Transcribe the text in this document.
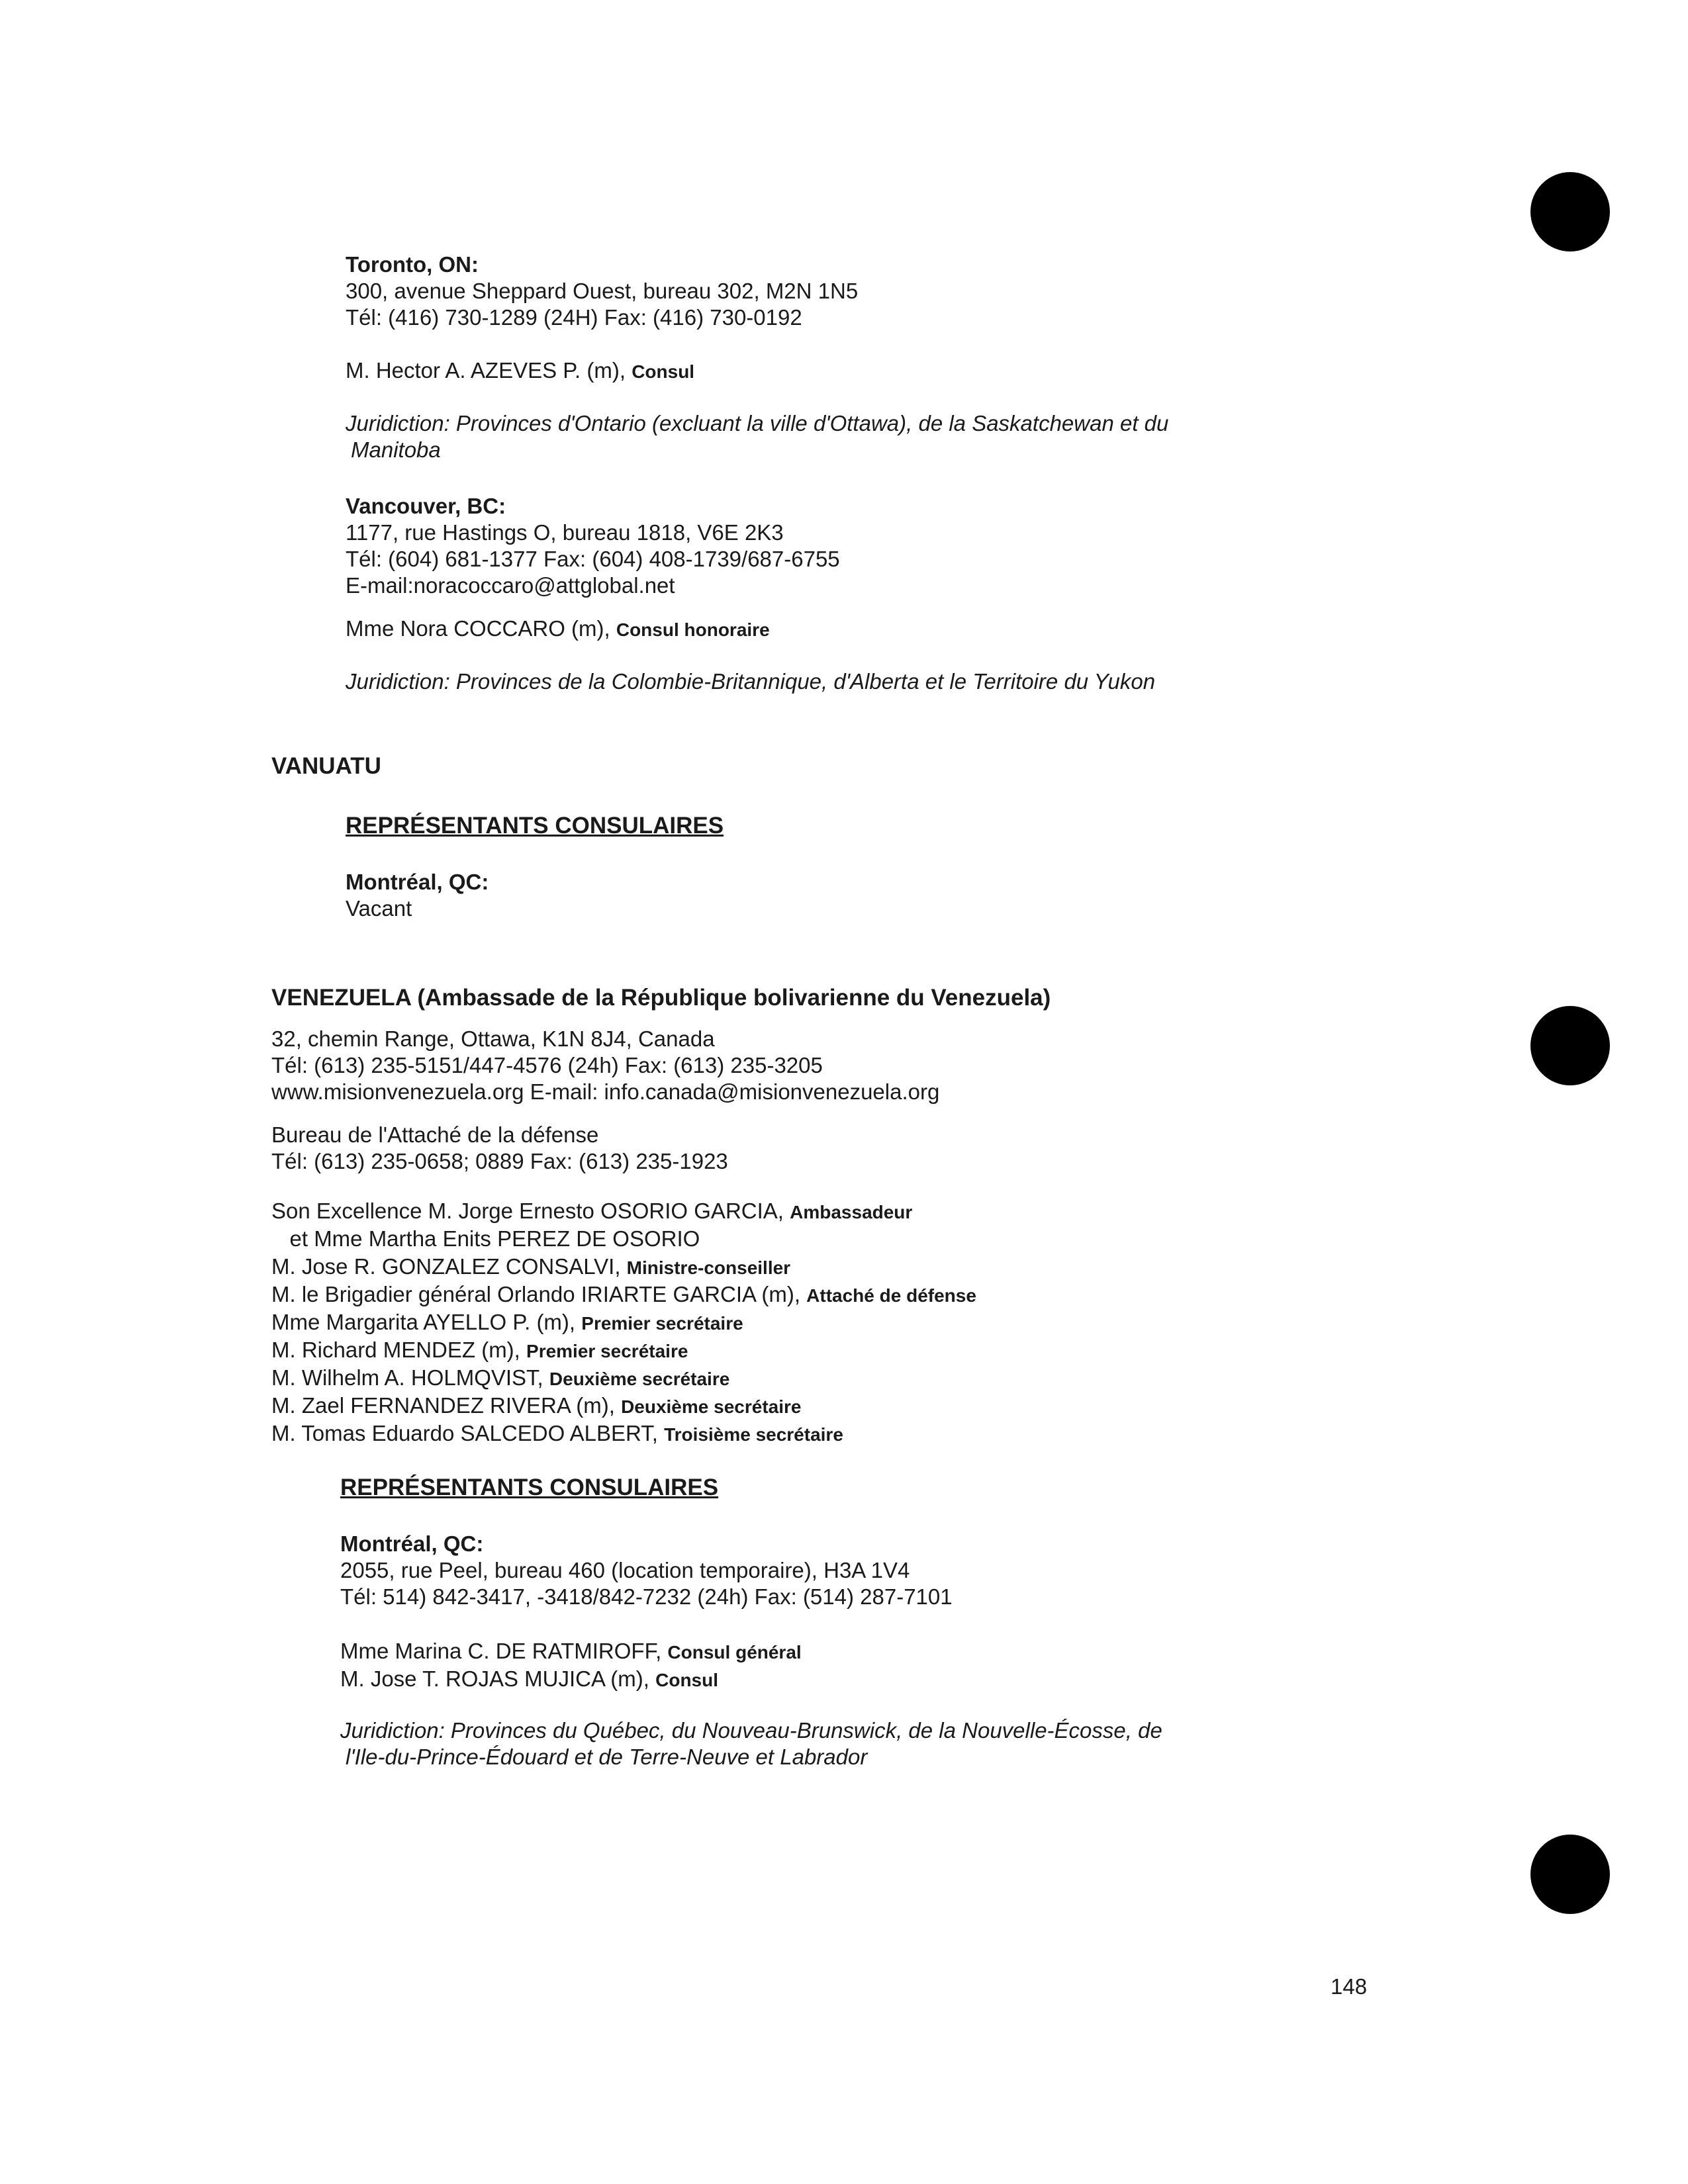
Toronto, ON:
300, avenue Sheppard Ouest, bureau 302, M2N 1N5
Tél: (416) 730-1289 (24H) Fax: (416) 730-0192
M. Hector A. AZEVES P. (m), Consul
Juridiction: Provinces d'Ontario (excluant la ville d'Ottawa), de la Saskatchewan et du
Manitoba
Vancouver, BC:
1177, rue Hastings O, bureau 1818, V6E 2K3
Tél: (604) 681-1377 Fax: (604) 408-1739/687-6755
E-mail:noracoccaro@attglobal.net
Mme Nora COCCARO (m), Consul honoraire
Juridiction: Provinces de la Colombie-Britannique, d'Alberta et le Territoire du Yukon
VANUATU
REPRÉSENTANTS CONSULAIRES
Montréal, QC:
Vacant
VENEZUELA (Ambassade de la République bolivarienne du Venezuela)
32, chemin Range, Ottawa, K1N 8J4, Canada
Tél: (613) 235-5151/447-4576 (24h) Fax: (613) 235-3205
www.misionvenezuela.org E-mail: info.canada@misionvenezuela.org
Bureau de l'Attaché de la défense
Tél: (613) 235-0658; 0889 Fax: (613) 235-1923
Son Excellence M. Jorge Ernesto OSORIO GARCIA, Ambassadeur
et Mme Martha Enits PEREZ DE OSORIO
M. Jose R. GONZALEZ CONSALVI, Ministre-conseiller
M. le Brigadier général Orlando IRIARTE GARCIA (m), Attaché de défense
Mme Margarita AYELLO P. (m), Premier secrétaire
M. Richard MENDEZ (m), Premier secrétaire
M. Wilhelm A. HOLMQVIST, Deuxième secrétaire
M. Zael FERNANDEZ RIVERA (m), Deuxième secrétaire
M. Tomas Eduardo SALCEDO ALBERT, Troisième secrétaire
REPRÉSENTANTS CONSULAIRES
Montréal, QC:
2055, rue Peel, bureau 460 (location temporaire), H3A 1V4
Tél: 514) 842-3417, -3418/842-7232 (24h) Fax: (514) 287-7101
Mme Marina C. DE RATMIROFF, Consul général
M. Jose T. ROJAS MUJICA (m), Consul
Juridiction: Provinces du Québec, du Nouveau-Brunswick, de la Nouvelle-Écosse, de
l'Ile-du-Prince-Édouard et de Terre-Neuve et Labrador
148
